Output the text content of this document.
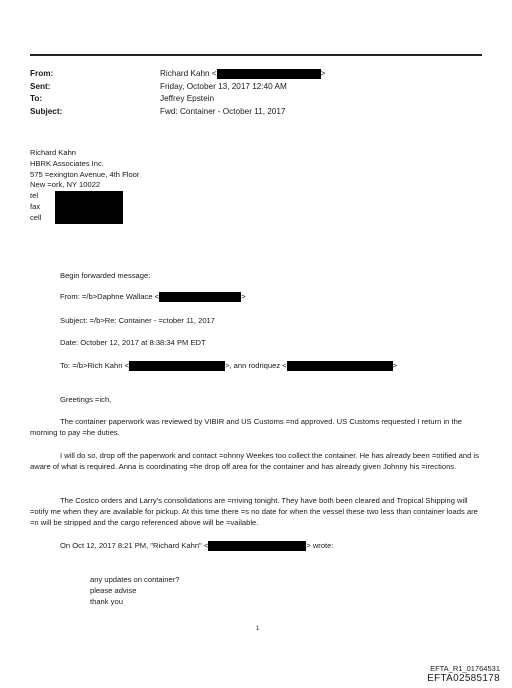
From:	Richard Kahn <	>
Sent:	Friday, October 13, 2017 12:40 AM
To:	Jeffrey Epstein
Subject:	Fwd: Container - October 11, 2017
Richard Kahn
HBRK Associates Inc.
575 =exington Avenue, 4th Floor
New =ork, NY 10022
tel
fax
cell
Begin forwarded message:
From: =/b>Daphne Wallace <	>
Subject: =/b>Re: Container - =ctober 11, 2017
Date: October 12, 2017 at 8:38:34 PM EDT
To: =/b>Rich Kahn <	>, ann rodriquez <	>
Greetings =ich,
The container paperwork was reviewed by VIBIR and US Customs =nd approved. US Customs requested I return in the morning to pay =he duties.
I will do so, drop off the paperwork and contact =ohnny Weekes too collect the container. He has already been =otified and is aware of what is required. Anna is coordinating =he drop off area for the container and has already given Johnny his =irections.
The Costco orders and Larry's consolidations are =rriving tonight. They have both been cleared and Tropical Shipping will =otify me when they are available for pickup. At this time there =s no date for when the vessel these two less than container loads are =n will be stripped and the cargo referenced above will be =vailable.
On Oct 12, 2017 8:21 PM, "Richard Kahn" <	> wrote:
any updates on container?
please advise
thank you
1
EFTA_R1_01764531
EFTA02585178
